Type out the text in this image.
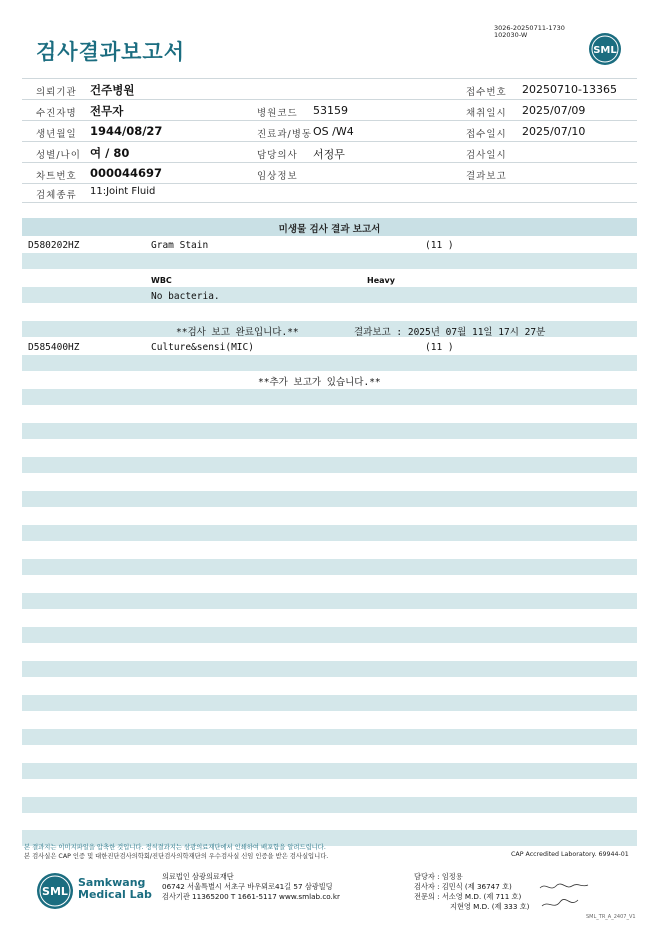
검사결과보고서
3026-20250711-1730
102030-W
SML
의뢰기관 건주병원
수진자명 전무자
생년월일 1944/08/27
성별/나이 여 / 80
차트번호 000044697
검체종류 11:Joint Fluid
병원코드 53159
진료과/병동 OS /W4
담당의사 서정무
임상정보
접수번호 20250710-13365
채취일시 2025/07/09
접수일시 2025/07/10
검사일시
결과보고
미생물 검사 결과 보고서
D580202HZ	Gram Stain	(11 )
WBC	Heavy
No bacteria.
**검사 보고 완료입니다.**	결과보고 : 2025년 07월 11일 17시 27분
D585400HZ	Culture&sensi(MIC)	(11 )
**추가 보고가 있습니다.**
본 결과지는 이미지파일을 압축한 것입니다. 정식결과지는 삼광의료재단에서 인쇄하여 배포함을 알려드립니다.
본 검사실은 CAP 인증 및 대한진단검사의학회/진단검사의학재단의 우수검사실 신임 인증을 받은 검사실입니다.	CAP Accredited Laboratory. 69944-01
SML
Samkwang
Medical Lab
의료법인 삼광의료재단
06742 서울특별시 서초구 바우뫼로41길 57 삼광빌딩
검사기관 11365200 T 1661-5117 www.smlab.co.kr
담당자 : 임정용
검사자 : 김민식 (제 36747 호)
전문의 : 서소영 M.D. (제 711 호)
지현영 M.D. (제 333 호)
SML_TR_A_2407_V1
